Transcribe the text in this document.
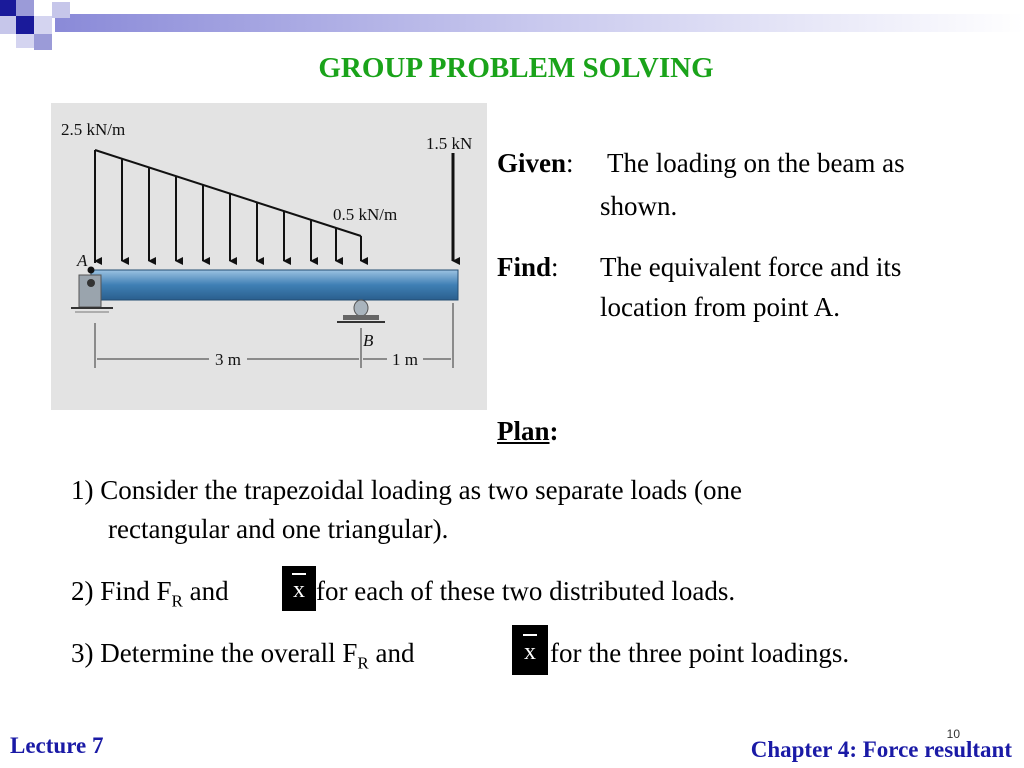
GROUP PROBLEM SOLVING
2.5 kN/m
0.5 kN/m
1.5 kN
A
B
3 m	1 m
Given: The loading on the beam as
shown.
Find: The equivalent force and its
location from point A.
Plan:
1) Consider the trapezoidal loading as two separate loads (one
rectangular and one triangular).
2) Find $F_R$ and	x for each of these two distributed loads.
3) Determine the overall $F_R$ and	x for the three point loadings.
Lecture 7	10
Chapter 4: Force resultant
